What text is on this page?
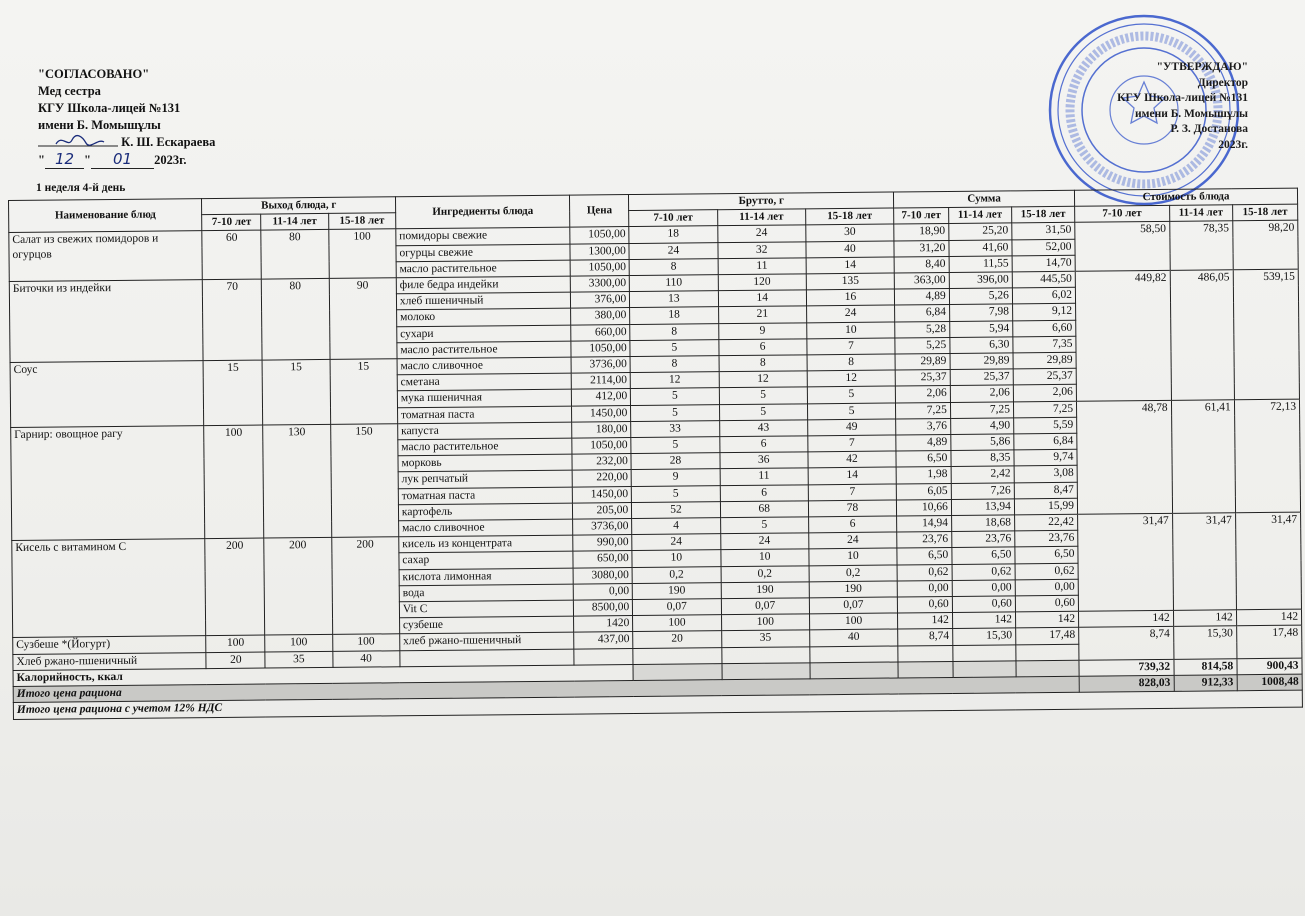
"СОГЛАСОВАНО"
Мед сестра
КГУ Школа-лицей №131
имени Б. Момышұлы
К. Ш. Ескараева
" 12 " 01 2023г.
1 неделя 4-й день
"УТВЕРЖДАЮ"
Директор
КГУ Школа-лицей №131
имени Б. Момышұлы
Р. З. Достанова
2023г.
Наименование блюд	Выход блюда, г			Ингредиенты блюда	Цена	Брутто, г			Сумма			Стоимость блюда		
	7-10 лет	11-14 лет	15-18 лет			7-10 лет	11-14 лет	15-18 лет	7-10 лет	11-14 лет	15-18 лет	7-10 лет	11-14 лет	15-18 лет
Салат из свежих помидоров и огурцов	60	80	100	помидоры свежие	1050,00	18	24	30	18,90	25,20	31,50	58,50	78,35	98,20
				огурцы свежие	1300,00	24	32	40	31,20	41,60	52,00			
				масло растительное	1050,00	8	11	14	8,40	11,55	14,70			
Биточки из индейки	70	80	90	филе бедра индейки	3300,00	110	120	135	363,00	396,00	445,50	449,82	486,05	539,15
				хлеб пшеничный	376,00	13	14	16	4,89	5,26	6,02			
				молоко	380,00	18	21	24	6,84	7,98	9,12			
				сухари	660,00	8	9	10	5,28	5,94	6,60			
				масло растительное	1050,00	5	6	7	5,25	6,30	7,35			
Соус	15	15	15	масло сливочное	3736,00	8	8	8	29,89	29,89	29,89			
				сметана	2114,00	12	12	12	25,37	25,37	25,37			
				мука пшеничная	412,00	5	5	5	2,06	2,06	2,06			
				томатная паста	1450,00	5	5	5	7,25	7,25	7,25	48,78	61,41	72,13
Гарнир: овощное рагу	100	130	150	капуста	180,00	33	43	49	3,76	4,90	5,59			
				масло растительное	1050,00	5	6	7	4,89	5,86	6,84			
				морковь	232,00	28	36	42	6,50	8,35	9,74			
				лук репчатый	220,00	9	11	14	1,98	2,42	3,08			
				томатная паста	1450,00	5	6	7	6,05	7,26	8,47			
				картофель	205,00	52	68	78	10,66	13,94	15,99			
				масло сливочное	3736,00	4	5	6	14,94	18,68	22,42	31,47	31,47	31,47
Кисель с витамином С	200	200	200	кисель из концентрата	990,00	24	24	24	23,76	23,76	23,76			
				сахар	650,00	10	10	10	6,50	6,50	6,50			
				кислота лимонная	3080,00	0,2	0,2	0,2	0,62	0,62	0,62			
				вода	0,00	190	190	190	0,00	0,00	0,00			
				Vit C	8500,00	0,07	0,07	0,07	0,60	0,60	0,60			
				сузбеше	1420	100	100	100	142	142	142	142	142	142
Сузбеше *(Йогурт)	100	100	100	хлеб ржано-пшеничный	437,00	20	35	40	8,74	15,30	17,48	8,74	15,30	17,48
Хлеб ржано-пшеничный	20	35	40											
Калорийность, ккал												739,32	814,58	900,43
Итого цена рациона												828,03	912,33	1008,48
Итого цена рациона с учетом 12% НДС														
